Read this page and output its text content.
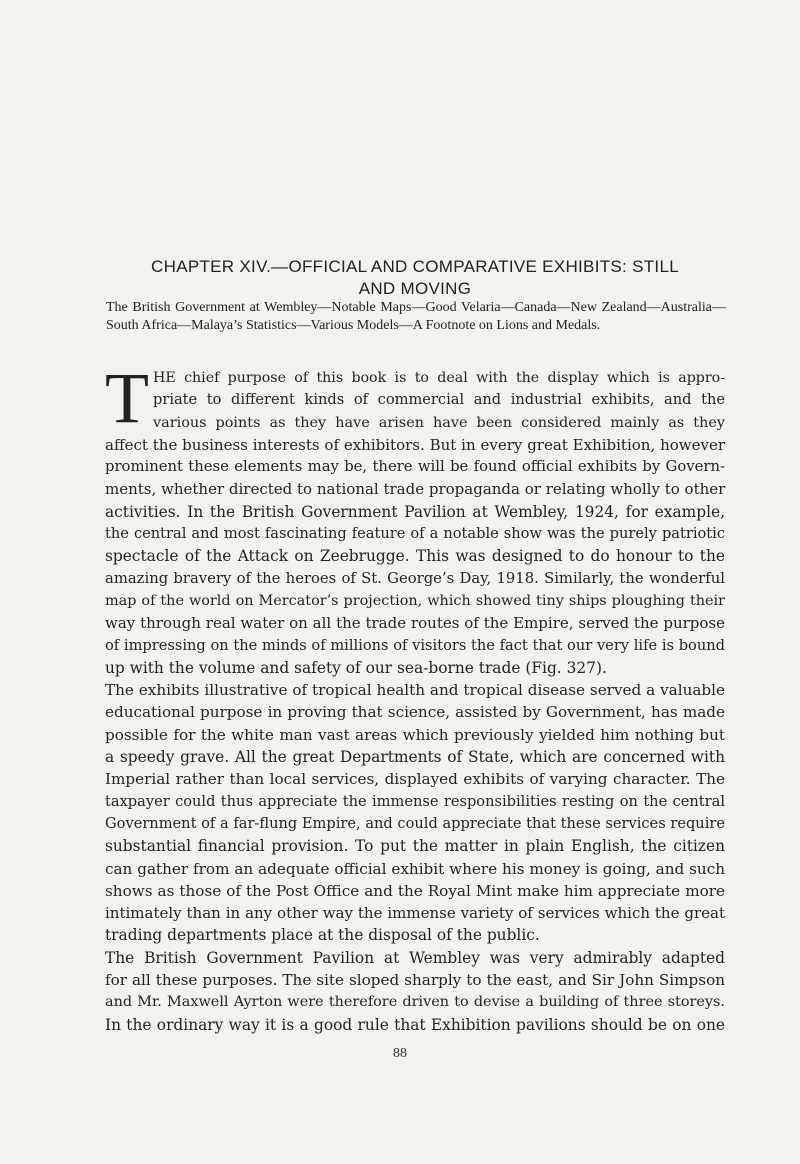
CHAPTER XIV.—OFFICIAL AND COMPARATIVE EXHIBITS: STILL
AND MOVING
The British Government at Wembley—Notable Maps—Good Velaria—Canada—New Zealand—Australia—South Africa—Malaya’s Statistics—Various Models—A Footnote on Lions and Medals.
T HE chief purpose of this book is to deal with the display which is appro-
priate to different kinds of commercial and industrial exhibits, and the
various points as they have arisen have been considered mainly as they
affect the business interests of exhibitors. But in every great Exhibition, however
prominent these elements may be, there will be found official exhibits by Govern-
ments, whether directed to national trade propaganda or relating wholly to other
activities. In the British Government Pavilion at Wembley, 1924, for example,
the central and most fascinating feature of a notable show was the purely patriotic
spectacle of the Attack on Zeebrugge. This was designed to do honour to the
amazing bravery of the heroes of St. George’s Day, 1918. Similarly, the wonderful
map of the world on Mercator’s projection, which showed tiny ships ploughing their
way through real water on all the trade routes of the Empire, served the purpose
of impressing on the minds of millions of visitors the fact that our very life is bound
up with the volume and safety of our sea-borne trade (Fig. 327).
The exhibits illustrative of tropical health and tropical disease served a valuable
educational purpose in proving that science, assisted by Government, has made
possible for the white man vast areas which previously yielded him nothing but
a speedy grave. All the great Departments of State, which are concerned with
Imperial rather than local services, displayed exhibits of varying character. The
taxpayer could thus appreciate the immense responsibilities resting on the central
Government of a far-flung Empire, and could appreciate that these services require
substantial financial provision. To put the matter in plain English, the citizen
can gather from an adequate official exhibit where his money is going, and such
shows as those of the Post Office and the Royal Mint make him appreciate more
intimately than in any other way the immense variety of services which the great
trading departments place at the disposal of the public.
The British Government Pavilion at Wembley was very admirably adapted
for all these purposes. The site sloped sharply to the east, and Sir John Simpson
and Mr. Maxwell Ayrton were therefore driven to devise a building of three storeys.
In the ordinary way it is a good rule that Exhibition pavilions should be on one
88
